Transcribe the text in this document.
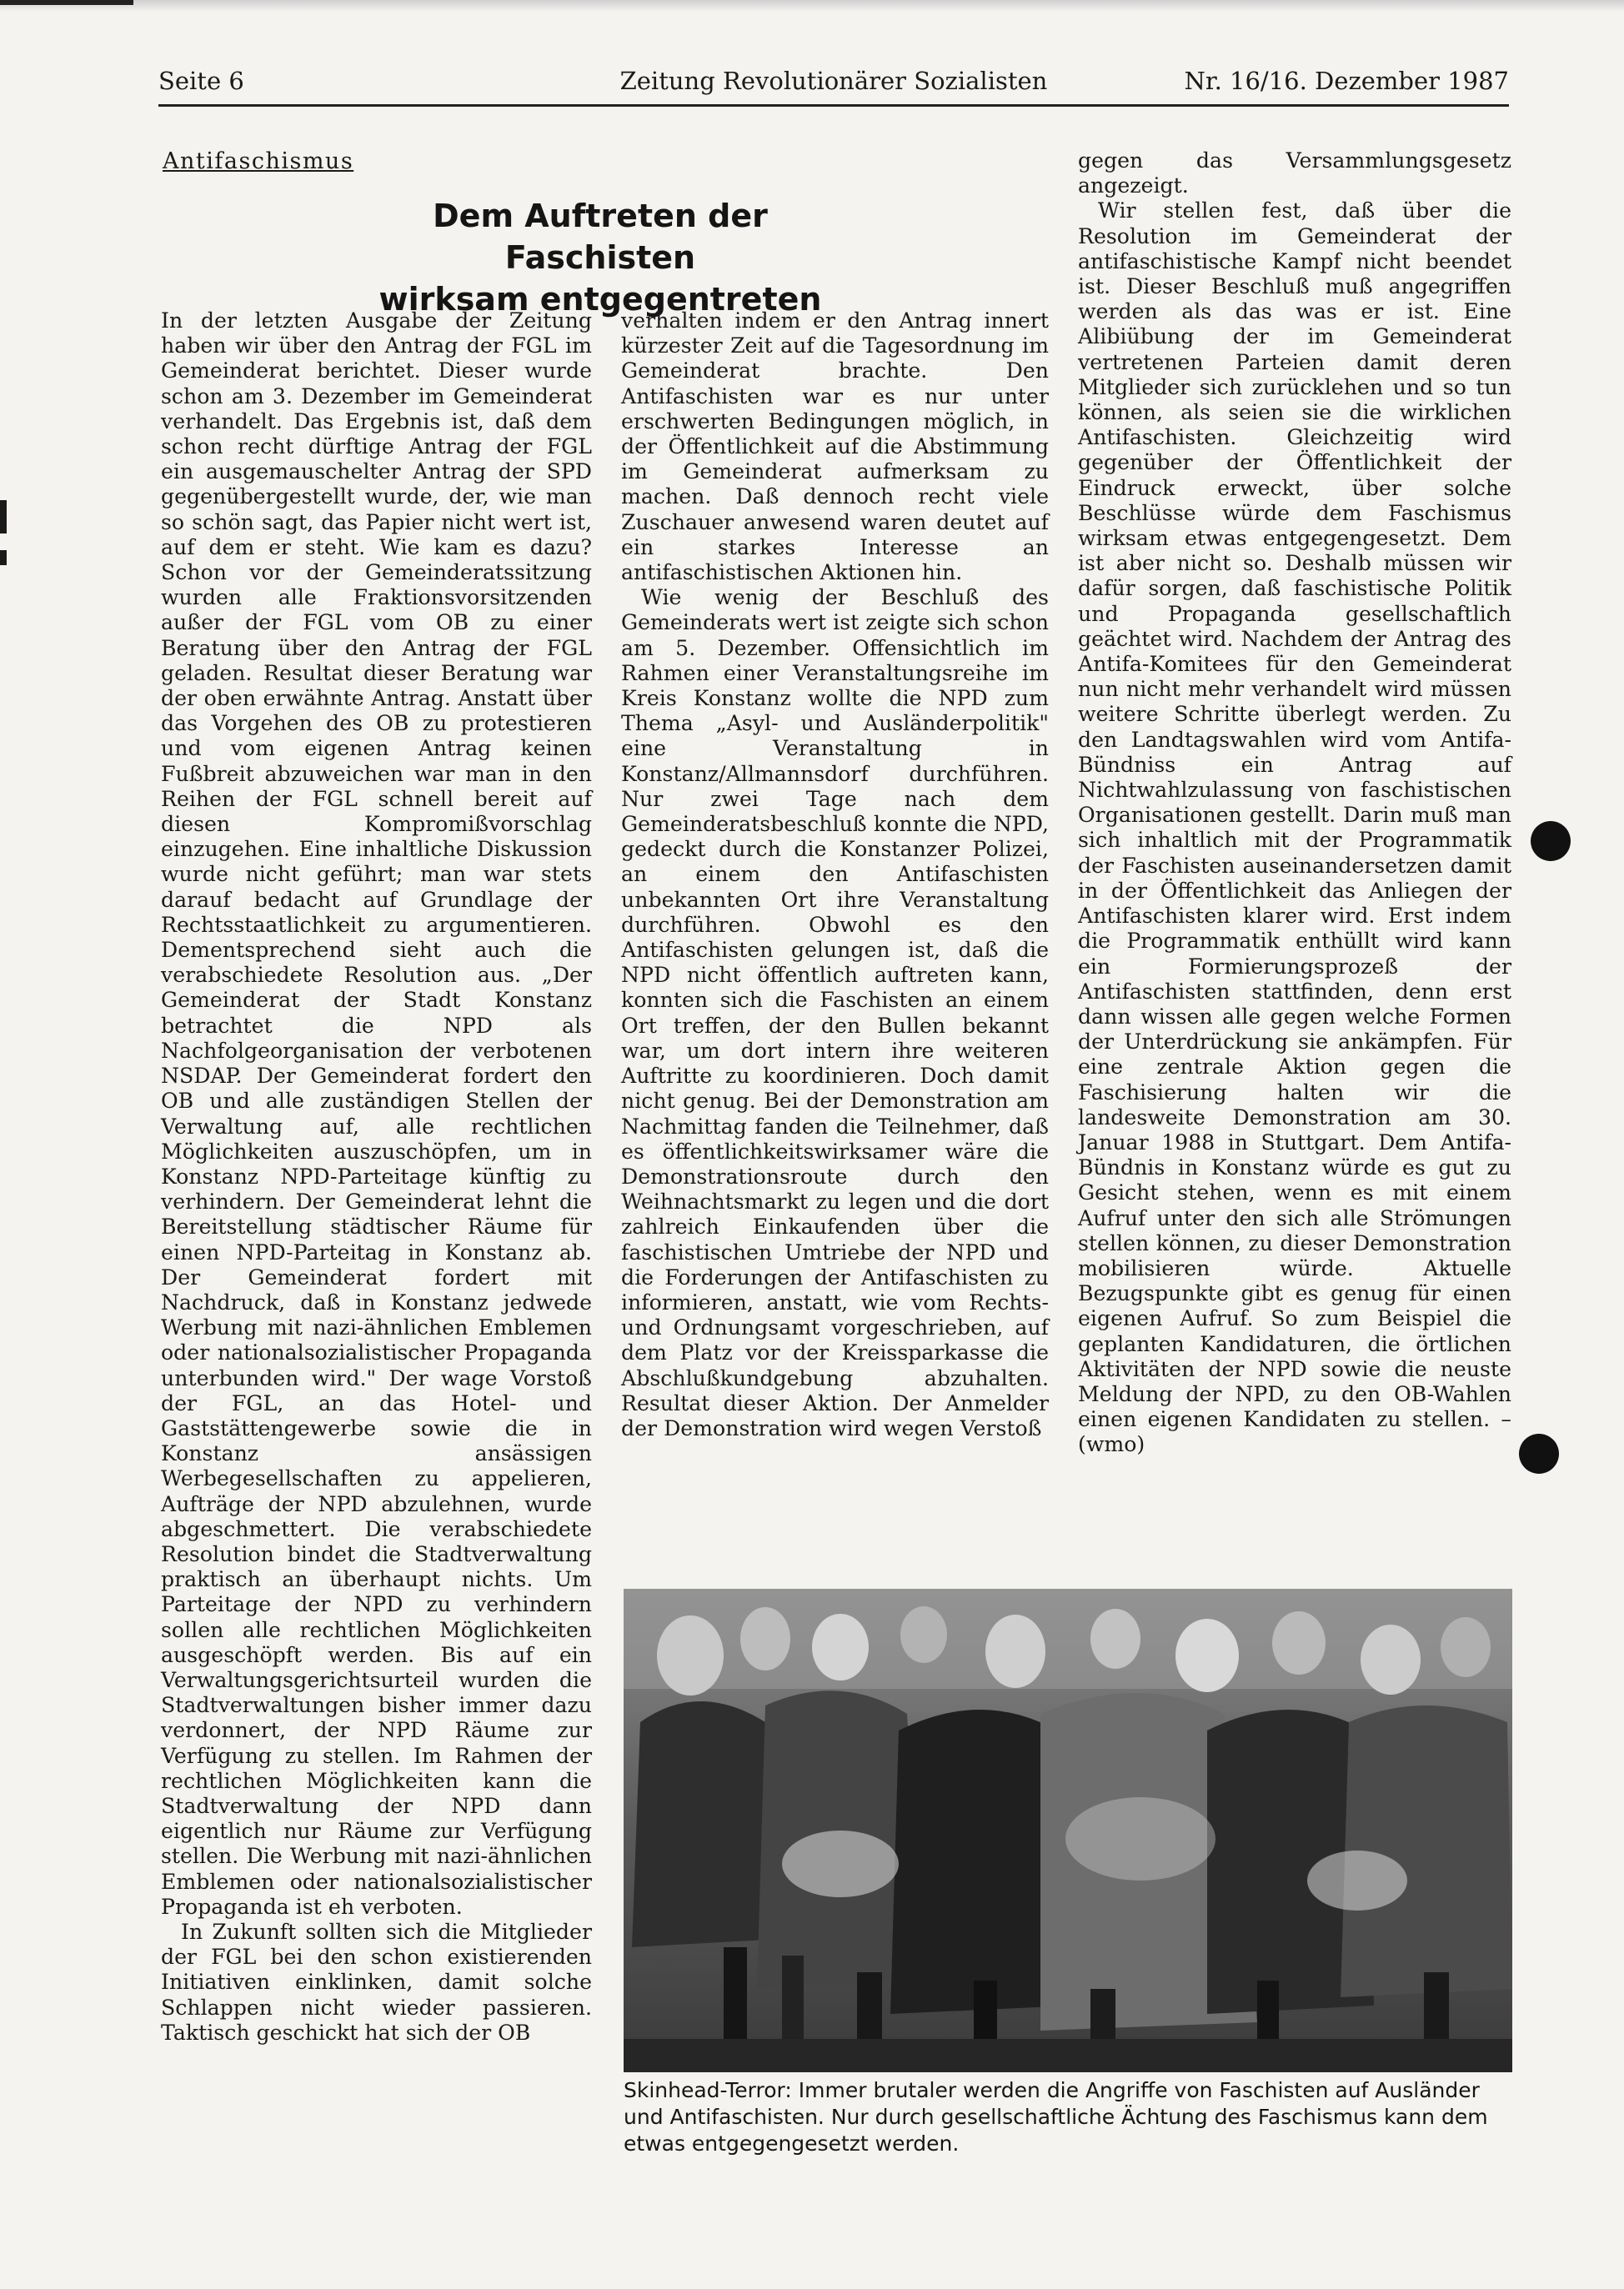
Seite 6	Zeitung Revolutionärer Sozialisten	Nr. 16/16. Dezember 1987
Antifaschismus
Dem Auftreten der Faschisten
wirksam entgegentreten

In der letzten Ausgabe der Zeitung haben wir über den Antrag der FGL im Gemeinderat berichtet. Dieser wurde schon am 3. Dezember im Gemeinderat verhandelt. Das Ergebnis ist, daß dem schon recht dürftige Antrag der FGL ein ausgemauschelter Antrag der SPD gegenübergestellt wurde, der, wie man so schön sagt, das Papier nicht wert ist, auf dem er steht. Wie kam es dazu? Schon vor der Gemeinderatssitzung wurden alle Fraktionsvorsitzenden außer der FGL vom OB zu einer Beratung über den Antrag der FGL geladen. Resultat dieser Beratung war der oben erwähnte Antrag. Anstatt über das Vorgehen des OB zu protestieren und vom eigenen Antrag keinen Fußbreit abzuweichen war man in den Reihen der FGL schnell bereit auf diesen Kompromißvorschlag einzugehen. Eine inhaltliche Diskussion wurde nicht geführt; man war stets darauf bedacht auf Grundlage der Rechtsstaatlichkeit zu argumentieren. Dementsprechend sieht auch die verabschiedete Resolution aus. „Der Gemeinderat der Stadt Konstanz betrachtet die NPD als Nachfolgeorganisation der verbotenen NSDAP. Der Gemeinderat fordert den OB und alle zuständigen Stellen der Verwaltung auf, alle rechtlichen Möglichkeiten auszuschöpfen, um in Konstanz NPD-Parteitage künftig zu verhindern. Der Gemeinderat lehnt die Bereitstellung städtischer Räume für einen NPD-Parteitag in Konstanz ab. Der Gemeinderat fordert mit Nachdruck, daß in Konstanz jedwede Werbung mit nazi-ähnlichen Emblemen oder nationalsozialistischer Propaganda unterbunden wird." Der wage Vorstoß der FGL, an das Hotel- und Gaststättengewerbe sowie die in Konstanz ansässigen Werbegesellschaften zu appelieren, Aufträge der NPD abzulehnen, wurde abgeschmettert. Die verabschiedete Resolution bindet die Stadtverwaltung praktisch an überhaupt nichts. Um Parteitage der NPD zu verhindern sollen alle rechtlichen Möglichkeiten ausgeschöpft werden. Bis auf ein Verwaltungsgerichtsurteil wurden die Stadtverwaltungen bisher immer dazu verdonnert, der NPD Räume zur Verfügung zu stellen. Im Rahmen der rechtlichen Möglichkeiten kann die Stadtverwaltung der NPD dann eigentlich nur Räume zur Verfügung stellen. Die Werbung mit nazi-ähnlichen Emblemen oder nationalsozialistischer Propaganda ist eh verboten.

In Zukunft sollten sich die Mitglieder der FGL bei den schon existierenden Initiativen einklinken, damit solche Schlappen nicht wieder passieren. Taktisch geschickt hat sich der OB

verhalten indem er den Antrag innert kürzester Zeit auf die Tagesordnung im Gemeinderat brachte. Den Antifaschisten war es nur unter erschwerten Bedingungen möglich, in der Öffentlichkeit auf die Abstimmung im Gemeinderat aufmerksam zu machen. Daß dennoch recht viele Zuschauer anwesend waren deutet auf ein starkes Interesse an antifaschistischen Aktionen hin.

Wie wenig der Beschluß des Gemeinderats wert ist zeigte sich schon am 5. Dezember. Offensichtlich im Rahmen einer Veranstaltungsreihe im Kreis Konstanz wollte die NPD zum Thema „Asyl- und Ausländerpolitik" eine Veranstaltung in Konstanz/Allmannsdorf durchführen. Nur zwei Tage nach dem Gemeinderatsbeschluß konnte die NPD, gedeckt durch die Konstanzer Polizei, an einem den Antifaschisten unbekannten Ort ihre Veranstaltung durchführen. Obwohl es den Antifaschisten gelungen ist, daß die NPD nicht öffentlich auftreten kann, konnten sich die Faschisten an einem Ort treffen, der den Bullen bekannt war, um dort intern ihre weiteren Auftritte zu koordinieren. Doch damit nicht genug. Bei der Demonstration am Nachmittag fanden die Teilnehmer, daß es öffentlichkeitswirksamer wäre die Demonstrationsroute durch den Weihnachtsmarkt zu legen und die dort zahlreich Einkaufenden über die faschistischen Umtriebe der NPD und die Forderungen der Antifaschisten zu informieren, anstatt, wie vom Rechts- und Ordnungsamt vorgeschrieben, auf dem Platz vor der Kreissparkasse die Abschlußkundgebung abzuhalten. Resultat dieser Aktion. Der Anmelder der Demonstration wird wegen Verstoß

gegen das Versammlungsgesetz angezeigt.

Wir stellen fest, daß über die Resolution im Gemeinderat der antifaschistische Kampf nicht beendet ist. Dieser Beschluß muß angegriffen werden als das was er ist. Eine Alibiübung der im Gemeinderat vertretenen Parteien damit deren Mitglieder sich zurücklehen und so tun können, als seien sie die wirklichen Antifaschisten. Gleichzeitig wird gegenüber der Öffentlichkeit der Eindruck erweckt, über solche Beschlüsse würde dem Faschismus wirksam etwas entgegengesetzt. Dem ist aber nicht so. Deshalb müssen wir dafür sorgen, daß faschistische Politik und Propaganda gesellschaftlich geächtet wird. Nachdem der Antrag des Antifa-Komitees für den Gemeinderat nun nicht mehr verhandelt wird müssen weitere Schritte überlegt werden. Zu den Landtagswahlen wird vom Antifa-Bündniss ein Antrag auf Nichtwahlzulassung von faschistischen Organisationen gestellt. Darin muß man sich inhaltlich mit der Programmatik der Faschisten auseinandersetzen damit in der Öffentlichkeit das Anliegen der Antifaschisten klarer wird. Erst indem die Programmatik enthüllt wird kann ein Formierungsprozeß der Antifaschisten stattfinden, denn erst dann wissen alle gegen welche Formen der Unterdrückung sie ankämpfen. Für eine zentrale Aktion gegen die Faschisierung halten wir die landesweite Demonstration am 30. Januar 1988 in Stuttgart. Dem Antifa-Bündnis in Konstanz würde es gut zu Gesicht stehen, wenn es mit einem Aufruf unter den sich alle Strömungen stellen können, zu dieser Demonstration mobilisieren würde. Aktuelle Bezugspunkte gibt es genug für einen eigenen Aufruf. So zum Beispiel die geplanten Kandidaturen, die örtlichen Aktivitäten der NPD sowie die neuste Meldung der NPD, zu den OB-Wahlen einen eigenen Kandidaten zu stellen. – (wmo)

Skinhead-Terror: Immer brutaler werden die Angriffe von Faschisten auf Ausländer und Antifaschisten. Nur durch gesellschaftliche Ächtung des Faschismus kann dem etwas entgegengesetzt werden.
